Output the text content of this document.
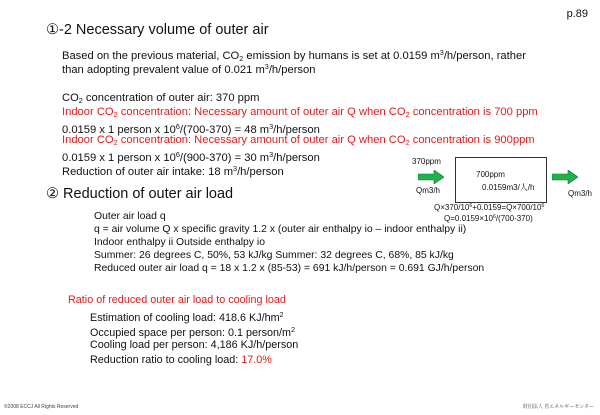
p.89
①-2 Necessary volume of outer air
Based on the previous material, $CO_2$ emission by humans is set at 0.0159 $m^3/h$/person, rather
than adopting prevalent value of 0.021 $m^3/h$/person
$CO_2$ concentration of outer air: 370 ppm
Indoor $CO_2$ concentration: Necessary amount of outer air Q when $CO_2$ concentration is 700 ppm
0.0159 x 1 person x $10^6/(700-370) = 48$ $m^3/h$/person
Indoor $CO_2$ concentration: Necessary amount of outer air Q when $CO_2$ concentration is 900ppm
0.0159 x 1 person x $10^6/(900-370) = 30$ $m^3/h$/person
Reduction of outer air intake: 18 $m^3/h$/person
370ppm
Qm3/h
700ppm
0.0159m3/人/h
Qm3/h
$Q\times 370/10^6+0.0159=Q\times 700/10^6$
$Q=0.0159\times 10^6/(700-370)$
② Reduction of outer air load
Outer air load q
q = air volume Q x specific gravity 1.2 x (outer air enthalpy io – indoor enthalpy ii)
Indoor enthalpy ii Outside enthalpy io
Summer: 26 degrees C, 50%, 53 kJ/kg Summer: 32 degrees C, 68%, 85 kJ/kg
Reduced outer air load q = 18 x 1.2 x (85-53) = 691 kJ/h/person = 0.691 GJ/h/person
Ratio of reduced outer air load to cooling load
Estimation of cooling load: 418.6 $KJ/hm^2$
Occupied space per person: 0.1 person/$m^2$
Cooling load per person: 4,186 KJ/h/person
Reduction ratio to cooling load: 17.0%
©2008 ECCJ All Rights Reserved	財団法人 省エネルギーセンター
